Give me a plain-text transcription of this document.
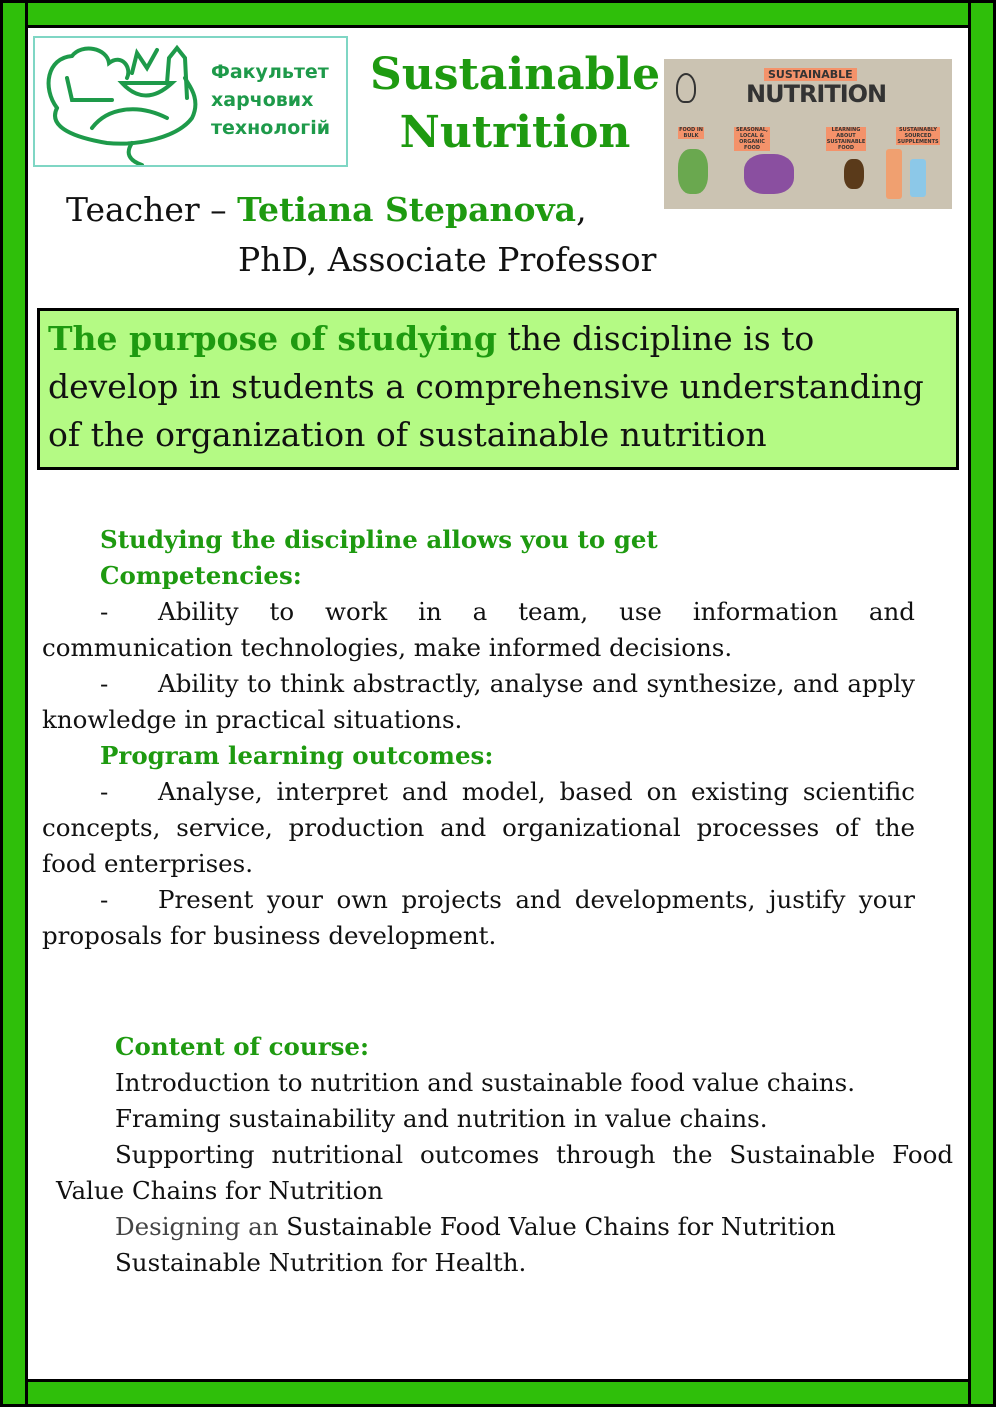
Факультет
харчових
технологій
Sustainable
Nutrition
SUSTAINABLE
NUTRITION
FOOD IN BULK
SEASONAL, LOCAL & ORGANIC FOOD
LEARNING ABOUT SUSTAINABLE FOOD
SUSTAINABLY SOURCED SUPPLEMENTS
Teacher – Tetiana Stepanova,
PhD, Associate Professor
The purpose of studying the discipline is to develop in students a comprehensive understanding of the organization of sustainable nutrition
Studying the discipline allows you to get
Competencies:
- Ability to work in a team, use information and communication technologies, make informed decisions.
- Ability to think abstractly, analyse and synthesize, and apply knowledge in practical situations.
Program learning outcomes:
- Analyse, interpret and model, based on existing scientific concepts, service, production and organizational processes of the food enterprises.
- Present your own projects and developments, justify your proposals for business development.
Content of course:
Introduction to nutrition and sustainable food value chains.
Framing sustainability and nutrition in value chains.
Supporting nutritional outcomes through the Sustainable Food Value Chains for Nutrition
Designing an Sustainable Food Value Chains for Nutrition
Sustainable Nutrition for Health.
